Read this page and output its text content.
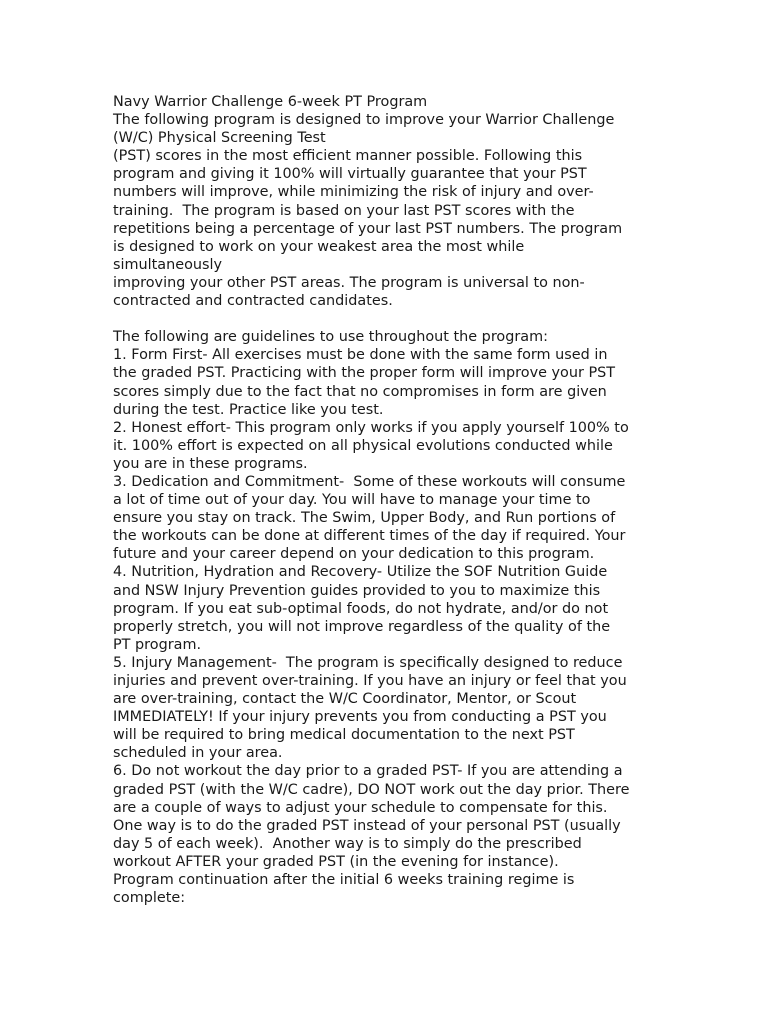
Navy Warrior Challenge 6-week PT Program
The following program is designed to improve your Warrior Challenge
(W/C) Physical Screening Test
(PST) scores in the most efficient manner possible. Following this
program and giving it 100% will virtually guarantee that your PST
numbers will improve, while minimizing the risk of injury and over-
training.  The program is based on your last PST scores with the
repetitions being a percentage of your last PST numbers. The program
is designed to work on your weakest area the most while
simultaneously
improving your other PST areas. The program is universal to non-
contracted and contracted candidates.
The following are guidelines to use throughout the program:
1. Form First- All exercises must be done with the same form used in
the graded PST. Practicing with the proper form will improve your PST
scores simply due to the fact that no compromises in form are given
during the test. Practice like you test.
2. Honest effort- This program only works if you apply yourself 100% to
it. 100% effort is expected on all physical evolutions conducted while
you are in these programs.
3. Dedication and Commitment-  Some of these workouts will consume
a lot of time out of your day. You will have to manage your time to
ensure you stay on track. The Swim, Upper Body, and Run portions of
the workouts can be done at different times of the day if required. Your
future and your career depend on your dedication to this program.
4. Nutrition, Hydration and Recovery- Utilize the SOF Nutrition Guide
and NSW Injury Prevention guides provided to you to maximize this
program. If you eat sub-optimal foods, do not hydrate, and/or do not
properly stretch, you will not improve regardless of the quality of the
PT program.
5. Injury Management-  The program is specifically designed to reduce
injuries and prevent over-training. If you have an injury or feel that you
are over-training, contact the W/C Coordinator, Mentor, or Scout
IMMEDIATELY! If your injury prevents you from conducting a PST you
will be required to bring medical documentation to the next PST
scheduled in your area.
6. Do not workout the day prior to a graded PST- If you are attending a
graded PST (with the W/C cadre), DO NOT work out the day prior. There
are a couple of ways to adjust your schedule to compensate for this.
One way is to do the graded PST instead of your personal PST (usually
day 5 of each week).  Another way is to simply do the prescribed
workout AFTER your graded PST (in the evening for instance).
Program continuation after the initial 6 weeks training regime is
complete:
